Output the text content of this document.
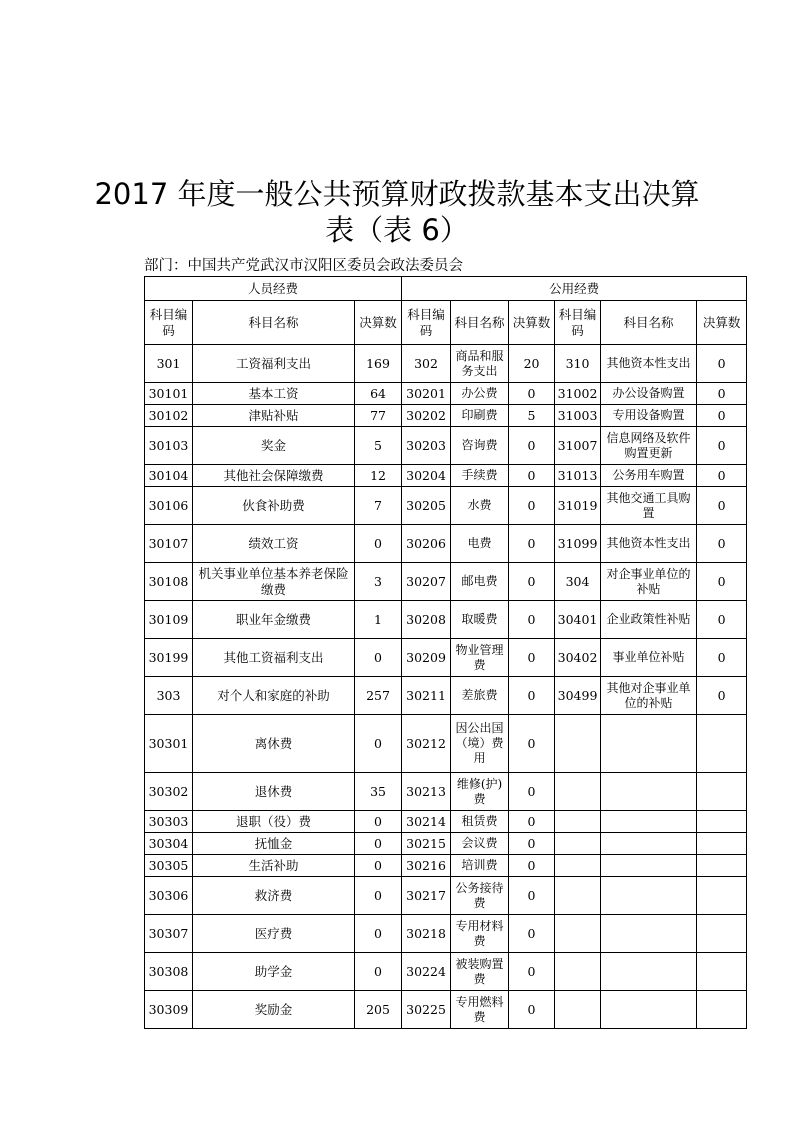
2017 年度一般公共预算财政拨款基本支出决算
表（表 6）
部门：中国共产党武汉市汉阳区委员会政法委员会
人员经费			公用经费					
科目编码	科目名称	决算数	科目编码	科目名称	决算数	科目编码	科目名称	决算数
301	工资福利支出	169	302	商品和服务支出	20	310	其他资本性支出	0
30101	基本工资	64	30201	办公费	0	31002	办公设备购置	0
30102	津贴补贴	77	30202	印刷费	5	31003	专用设备购置	0
30103	奖金	5	30203	咨询费	0	31007	信息网络及软件购置更新	0
30104	其他社会保障缴费	12	30204	手续费	0	31013	公务用车购置	0
30106	伙食补助费	7	30205	水费	0	31019	其他交通工具购置	0
30107	绩效工资	0	30206	电费	0	31099	其他资本性支出	0
30108	机关事业单位基本养老保险缴费	3	30207	邮电费	0	304	对企事业单位的补贴	0
30109	职业年金缴费	1	30208	取暖费	0	30401	企业政策性补贴	0
30199	其他工资福利支出	0	30209	物业管理费	0	30402	事业单位补贴	0
303	对个人和家庭的补助	257	30211	差旅费	0	30499	其他对企事业单位的补贴	0
30301	离休费	0	30212	因公出国（境）费用	0			
30302	退休费	35	30213	维修(护)费	0			
30303	退职（役）费	0	30214	租赁费	0			
30304	抚恤金	0	30215	会议费	0			
30305	生活补助	0	30216	培训费	0			
30306	救济费	0	30217	公务接待费	0			
30307	医疗费	0	30218	专用材料费	0			
30308	助学金	0	30224	被装购置费	0			
30309	奖励金	205	30225	专用燃料费	0			
